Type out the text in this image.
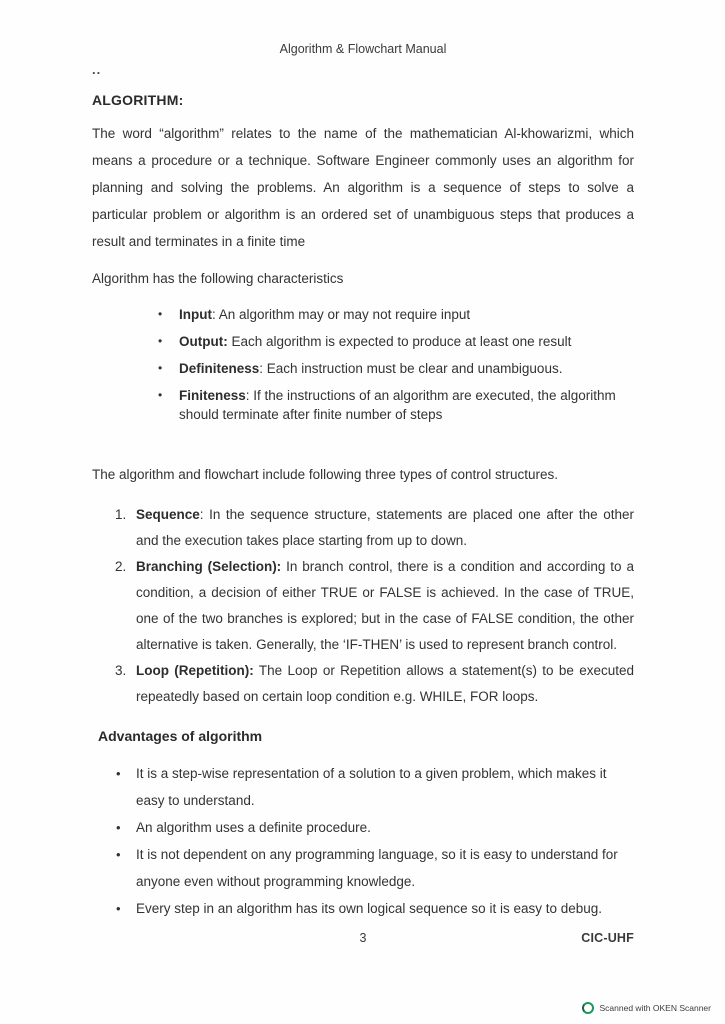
Algorithm & Flowchart Manual
..
ALGORITHM:

The word “algorithm” relates to the name of the mathematician Al-khowarizmi, which means a procedure or a technique. Software Engineer commonly uses an algorithm for planning and solving the problems. An algorithm is a sequence of steps to solve a particular problem or algorithm is an ordered set of unambiguous steps that produces a result and terminates in a finite time

Algorithm has the following characteristics

• Input: An algorithm may or may not require input
• Output: Each algorithm is expected to produce at least one result
• Definiteness: Each instruction must be clear and unambiguous.
• Finiteness: If the instructions of an algorithm are executed, the algorithm should terminate after finite number of steps

The algorithm and flowchart include following three types of control structures.

1. Sequence: In the sequence structure, statements are placed one after the other and the execution takes place starting from up to down.
2. Branching (Selection): In branch control, there is a condition and according to a condition, a decision of either TRUE or FALSE is achieved. In the case of TRUE, one of the two branches is explored; but in the case of FALSE condition, the other alternative is taken. Generally, the ‘IF-THEN’ is used to represent branch control.
3. Loop (Repetition): The Loop or Repetition allows a statement(s) to be executed repeatedly based on certain loop condition e.g. WHILE, FOR loops.
Advantages of algorithm
• It is a step-wise representation of a solution to a given problem, which makes it easy to understand.
• An algorithm uses a definite procedure.
• It is not dependent on any programming language, so it is easy to understand for anyone even without programming knowledge.
• Every step in an algorithm has its own logical sequence so it is easy to debug.
3	CIC-UHF
Scanned with OKEN Scanner
